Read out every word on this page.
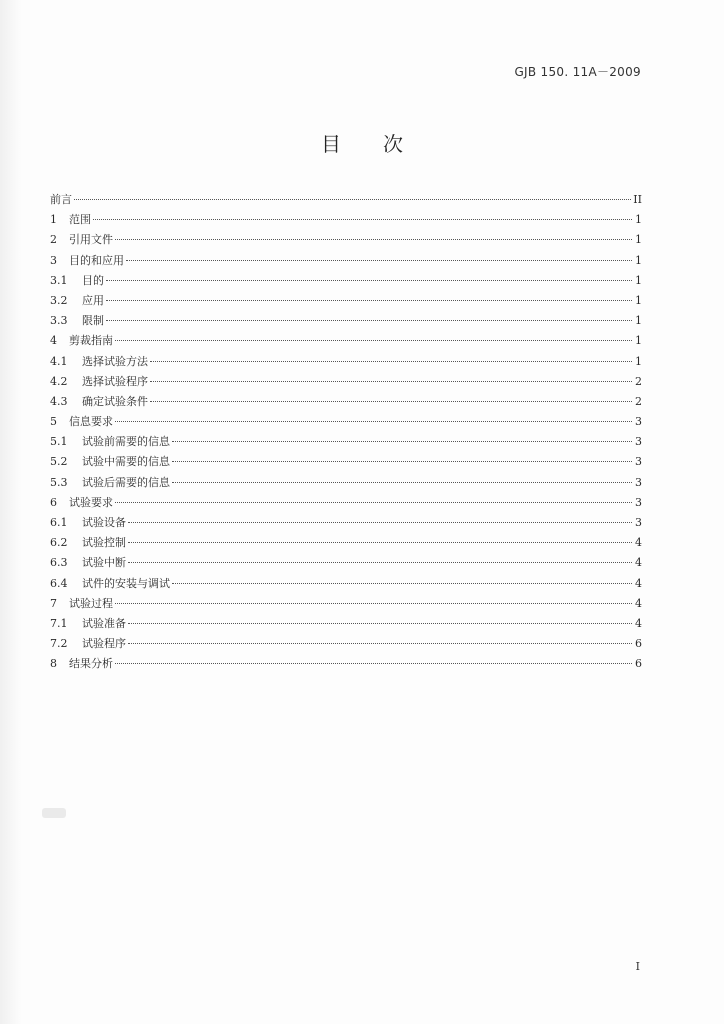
GJB 150. 11A－2009
目次
前言	II
1	范围	1
2	引用文件	1
3	目的和应用	1
3.1	目的	1
3.2	应用	1
3.3	限制	1
4	剪裁指南	1
4.1	选择试验方法	1
4.2	选择试验程序	2
4.3	确定试验条件	2
5	信息要求	3
5.1	试验前需要的信息	3
5.2	试验中需要的信息	3
5.3	试验后需要的信息	3
6	试验要求	3
6.1	试验设备	3
6.2	试验控制	4
6.3	试验中断	4
6.4	试件的安装与调试	4
7	试验过程	4
7.1	试验准备	4
7.2	试验程序	6
8	结果分析	6
I
